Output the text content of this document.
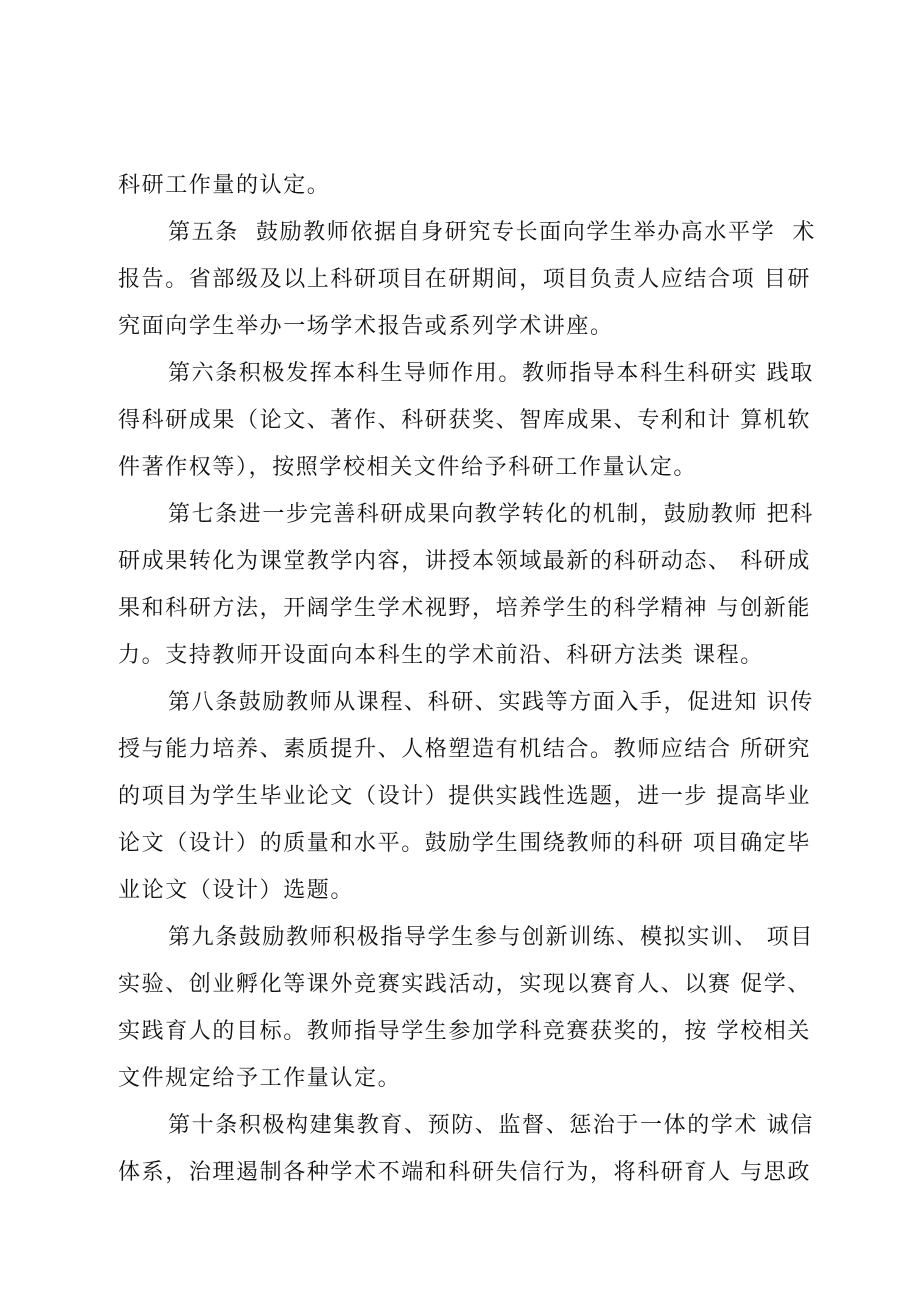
科研工作量的认定。
第五条  鼓励教师依据自身研究专长面向学生举办高水平学  术
报告。省部级及以上科研项目在研期间，项目负责人应结合项 目研
究面向学生举办一场学术报告或系列学术讲座。
第六条积极发挥本科生导师作用。教师指导本科生科研实 践取
得科研成果（论文、著作、科研获奖、智库成果、专利和计 算机软
件著作权等），按照学校相关文件给予科研工作量认定。
第七条进一步完善科研成果向教学转化的机制，鼓励教师 把科
研成果转化为课堂教学内容，讲授本领域最新的科研动态、 科研成
果和科研方法，开阔学生学术视野，培养学生的科学精神 与创新能
力。支持教师开设面向本科生的学术前沿、科研方法类 课程。
第八条鼓励教师从课程、科研、实践等方面入手，促进知 识传
授与能力培养、素质提升、人格塑造有机结合。教师应结合 所研究
的项目为学生毕业论文（设计）提供实践性选题，进一步 提高毕业
论文（设计）的质量和水平。鼓励学生围绕教师的科研 项目确定毕
业论文（设计）选题。
第九条鼓励教师积极指导学生参与创新训练、模拟实训、 项目
实验、创业孵化等课外竞赛实践活动，实现以赛育人、以赛 促学、
实践育人的目标。教师指导学生参加学科竞赛获奖的，按 学校相关
文件规定给予工作量认定。
第十条积极构建集教育、预防、监督、惩治于一体的学术 诚信
体系，治理遏制各种学术不端和科研失信行为，将科研育人 与思政
